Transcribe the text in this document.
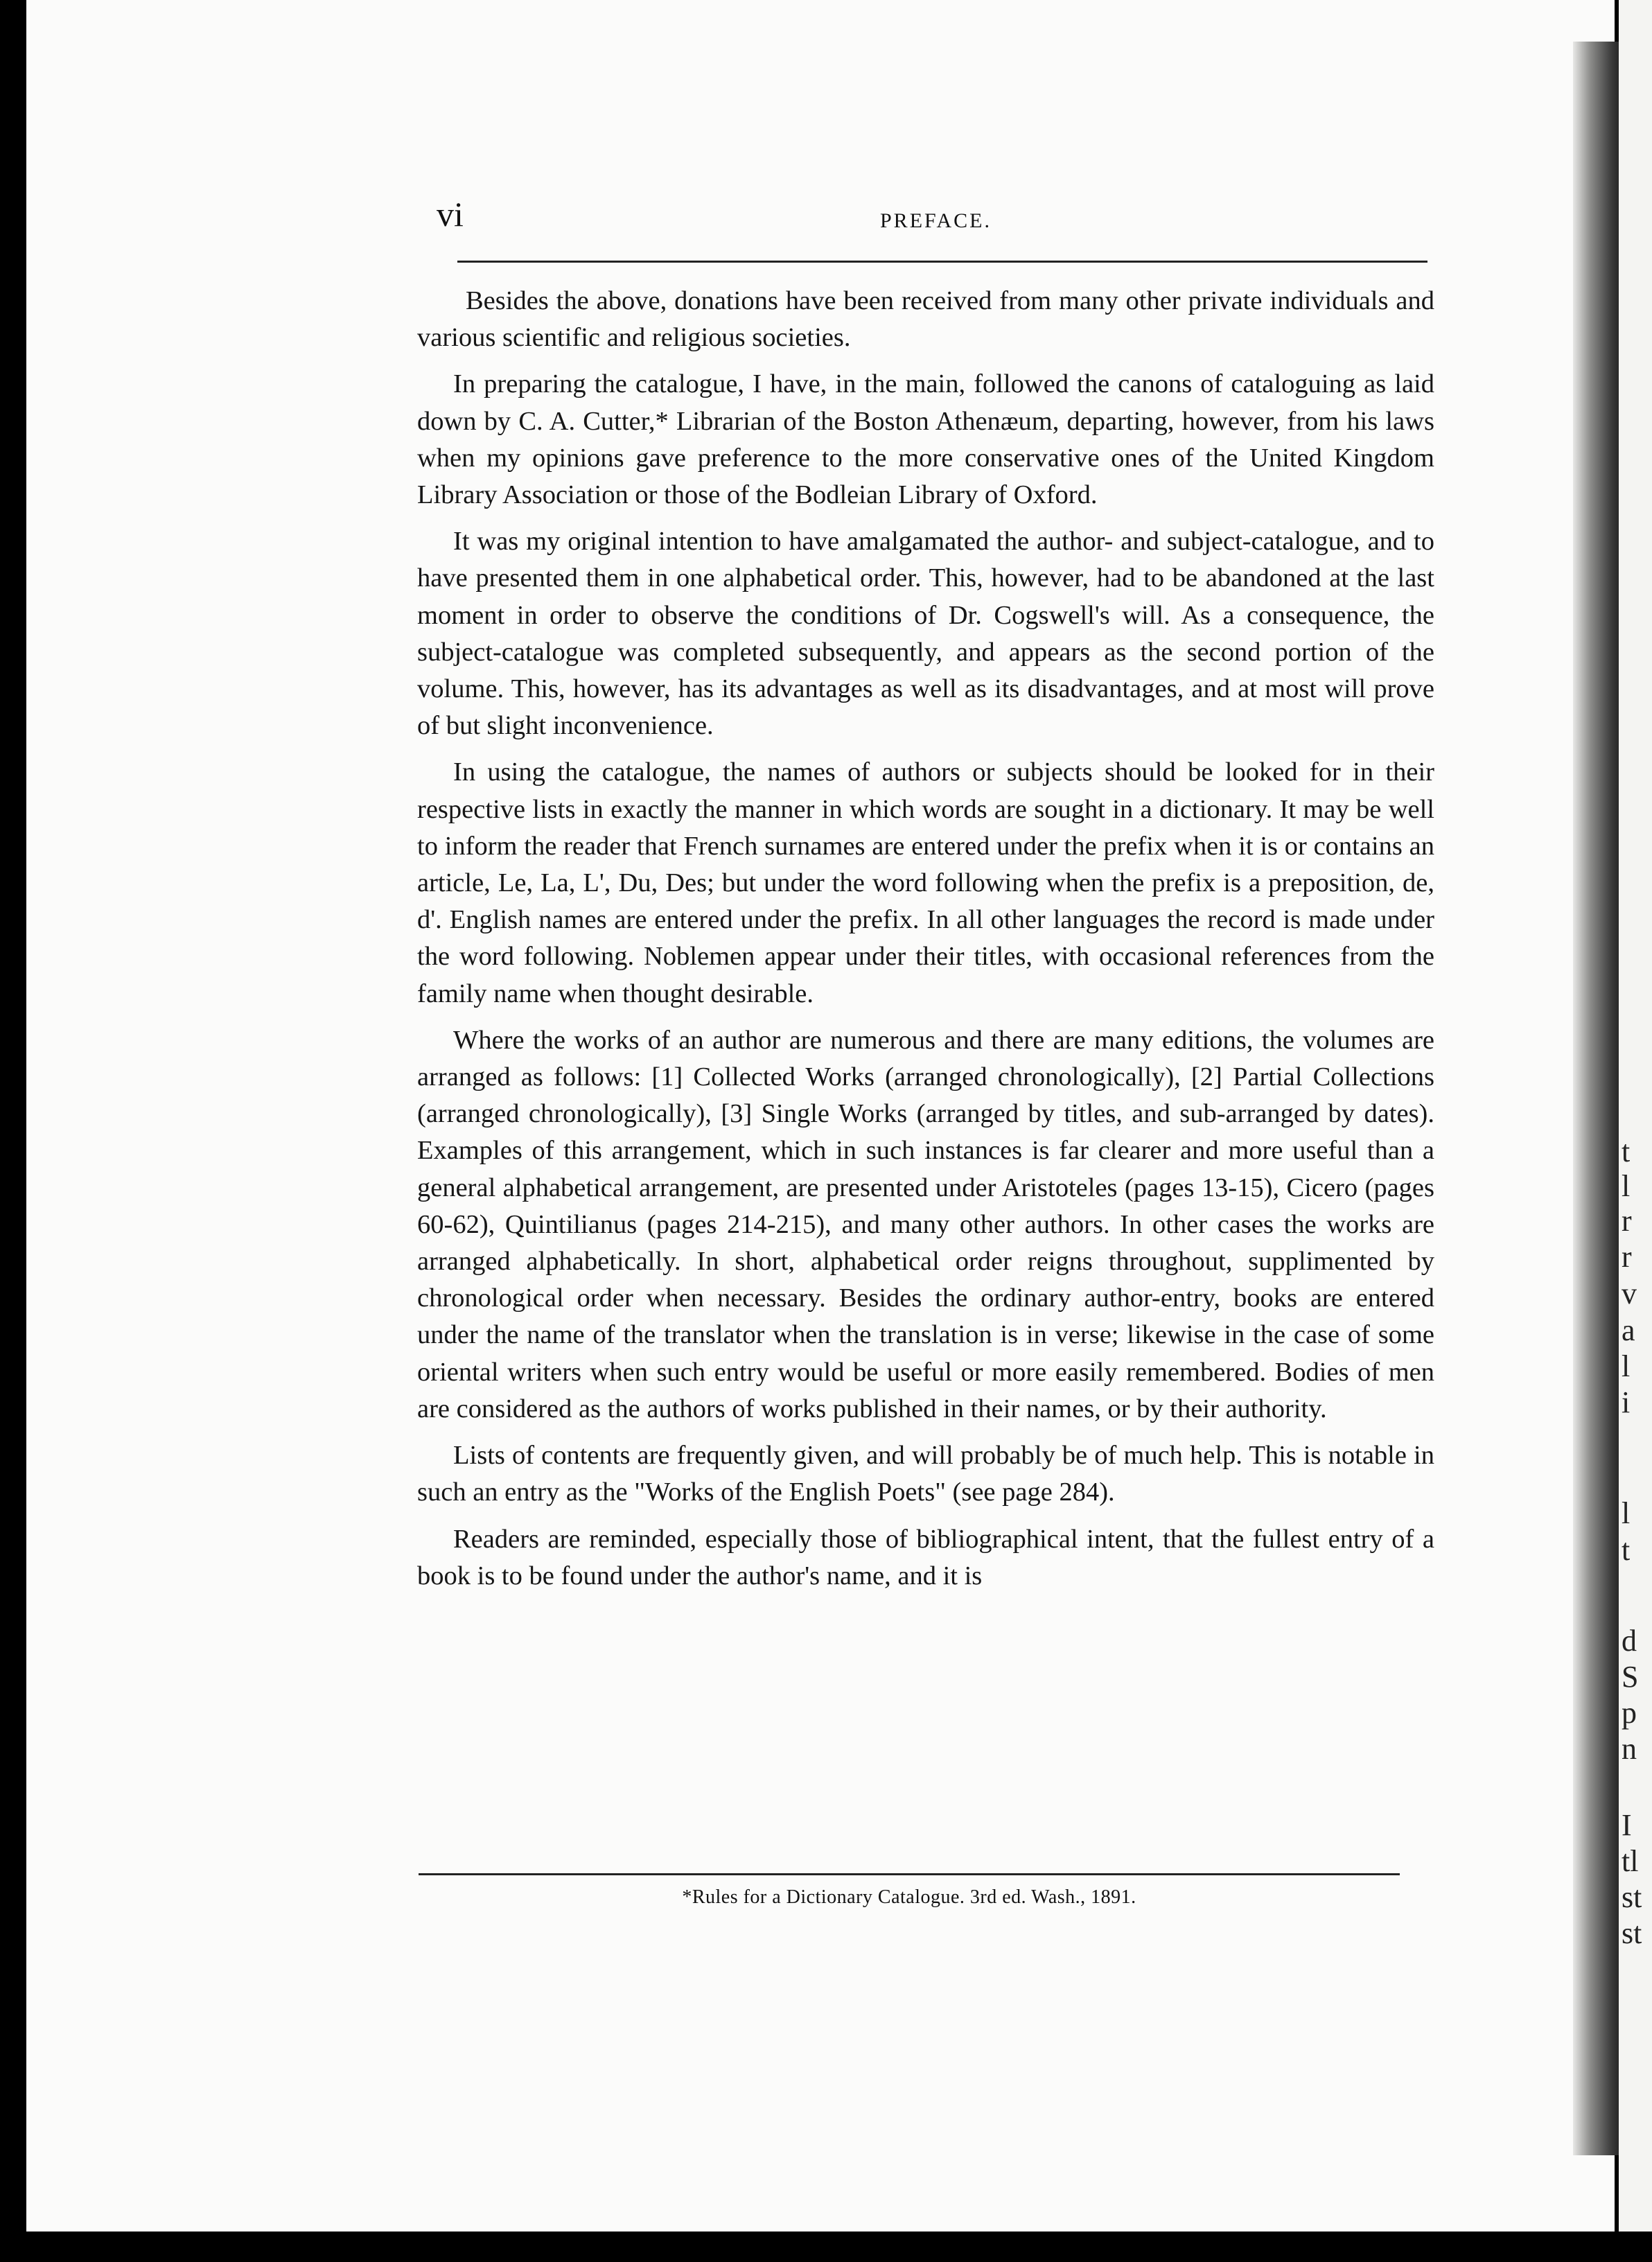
t
l
r
r
v
a
l
i
l
t
d
S
p
n
I
tl
st
st
vi	PREFACE.

Besides the above, donations have been received from many other private individuals and various scientific and religious societies.

In preparing the catalogue, I have, in the main, followed the canons of cataloguing as laid down by C. A. Cutter,* Librarian of the Boston Athenæum, departing, however, from his laws when my opinions gave preference to the more conservative ones of the United Kingdom Library Association or those of the Bodleian Library of Oxford.

It was my original intention to have amalgamated the author- and subject-catalogue, and to have presented them in one alphabetical order. This, however, had to be abandoned at the last moment in order to observe the conditions of Dr. Cogswell's will. As a consequence, the subject-catalogue was completed subsequently, and appears as the second portion of the volume. This, however, has its advantages as well as its disadvantages, and at most will prove of but slight inconvenience.

In using the catalogue, the names of authors or subjects should be looked for in their respective lists in exactly the manner in which words are sought in a dictionary. It may be well to inform the reader that French surnames are entered under the prefix when it is or contains an article, Le, La, L', Du, Des; but under the word following when the prefix is a preposition, de, d'. English names are entered under the prefix. In all other languages the record is made under the word following. Noblemen appear under their titles, with occasional references from the family name when thought desirable.

Where the works of an author are numerous and there are many editions, the volumes are arranged as follows: [1] Collected Works (arranged chronologically), [2] Partial Collections (arranged chronologically), [3] Single Works (arranged by titles, and sub-arranged by dates). Examples of this arrangement, which in such instances is far clearer and more useful than a general alphabetical arrangement, are presented under Aristoteles (pages 13-15), Cicero (pages 60-62), Quintilianus (pages 214-215), and many other authors. In other cases the works are arranged alphabetically. In short, alphabetical order reigns throughout, supplimented by chronological order when necessary. Besides the ordinary author-entry, books are entered under the name of the translator when the translation is in verse; likewise in the case of some oriental writers when such entry would be useful or more easily remembered. Bodies of men are considered as the authors of works published in their names, or by their authority.

Lists of contents are frequently given, and will probably be of much help. This is notable in such an entry as the "Works of the English Poets" (see page 284).

Readers are reminded, especially those of bibliographical intent, that the fullest entry of a book is to be found under the author's name, and it is

*Rules for a Dictionary Catalogue. 3rd ed. Wash., 1891.
